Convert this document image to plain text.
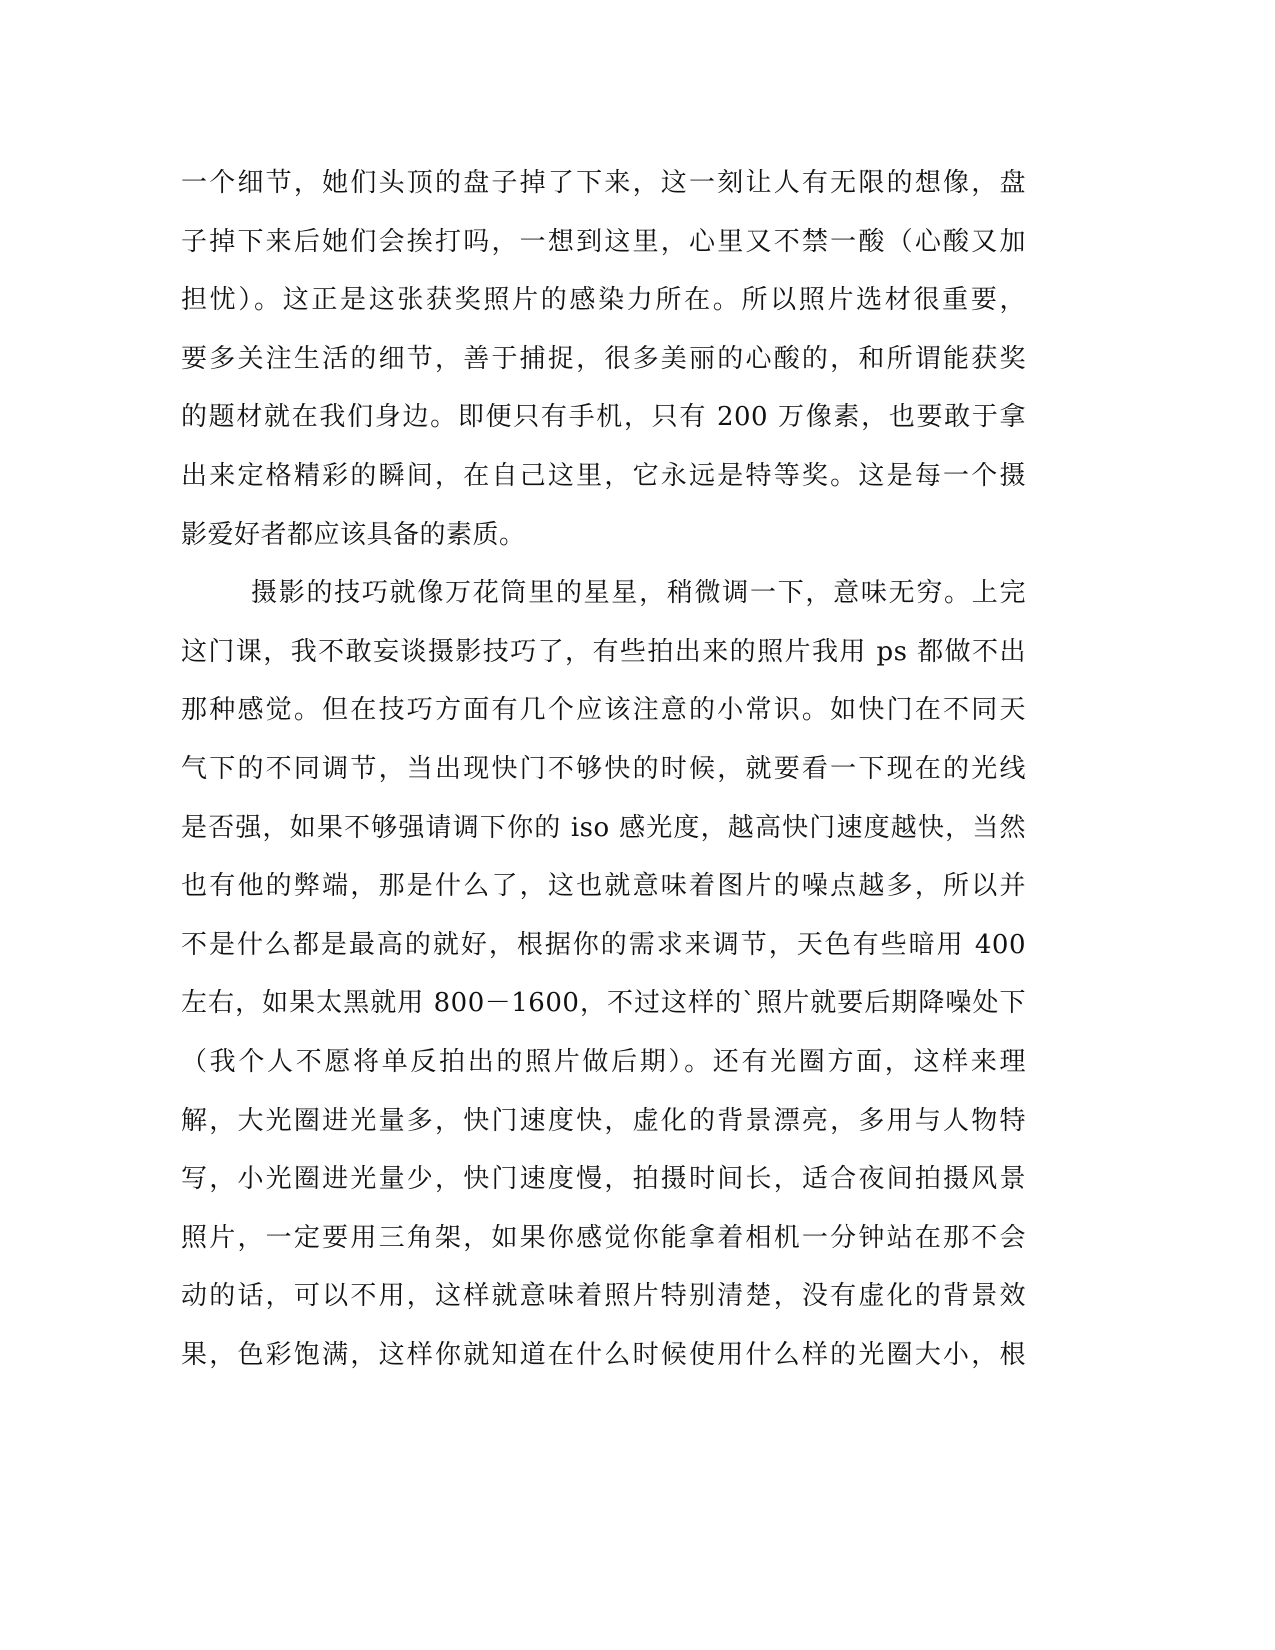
一个细节，她们头顶的盘子掉了下来，这一刻让人有无限的想像，盘
子掉下来后她们会挨打吗，一想到这里，心里又不禁一酸（心酸又加
担忧）。这正是这张获奖照片的感染力所在。所以照片选材很重要，
要多关注生活的细节，善于捕捉，很多美丽的心酸的，和所谓能获奖
的题材就在我们身边。即便只有手机，只有 200 万像素，也要敢于拿
出来定格精彩的瞬间，在自己这里，它永远是特等奖。这是每一个摄
影爱好者都应该具备的素质。
摄影的技巧就像万花筒里的星星，稍微调一下，意味无穷。上完
这门课，我不敢妄谈摄影技巧了，有些拍出来的照片我用 ps 都做不出
那种感觉。但在技巧方面有几个应该注意的小常识。如快门在不同天
气下的不同调节，当出现快门不够快的时候，就要看一下现在的光线
是否强，如果不够强请调下你的 iso 感光度，越高快门速度越快，当然
也有他的弊端，那是什么了，这也就意味着图片的噪点越多，所以并
不是什么都是最高的就好，根据你的需求来调节，天色有些暗用 400
左右，如果太黑就用 800－1600，不过这样的`照片就要后期降噪处下
（我个人不愿将单反拍出的照片做后期）。还有光圈方面，这样来理
解，大光圈进光量多，快门速度快，虚化的背景漂亮，多用与人物特
写，小光圈进光量少，快门速度慢，拍摄时间长，适合夜间拍摄风景
照片，一定要用三角架，如果你感觉你能拿着相机一分钟站在那不会
动的话，可以不用，这样就意味着照片特别清楚，没有虚化的背景效
果，色彩饱满，这样你就知道在什么时候使用什么样的光圈大小，根
